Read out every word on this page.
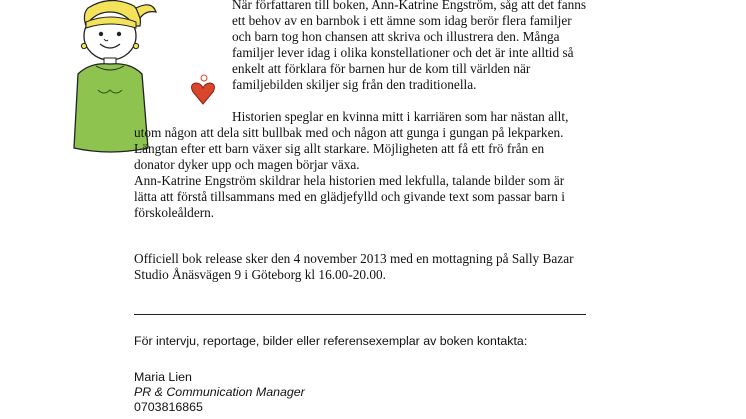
När författaren till boken, Ann-Katrine Engström, såg att det fanns
ett behov av en barnbok i ett ämne som idag berör flera familjer
och barn tog hon chansen att skriva och illustrera den. Många
familjer lever idag i olika konstellationer och det är inte alltid så
enkelt att förklara för barnen hur de kom till världen när
familjebilden skiljer sig från den traditionella.
Historien speglar en kvinna mitt i karriären som har nästan allt,
utom någon att dela sitt bullbak med och någon att gunga i gungan på lekparken.
Längtan efter ett barn växer sig allt starkare. Möjligheten att få ett frö från en
donator dyker upp och magen börjar växa.
Ann-Katrine Engström skildrar hela historien med lekfulla, talande bilder som är
lätta att förstå tillsammans med en glädjefylld och givande text som passar barn i
förskoleåldern.
Officiell bok release sker den 4 november 2013 med en mottagning på Sally Bazar
Studio Ånäsvägen 9 i Göteborg kl 16.00-20.00.
För intervju, reportage, bilder eller referensexemplar av boken kontakta:
Maria Lien
PR & Communication Manager
0703816865
